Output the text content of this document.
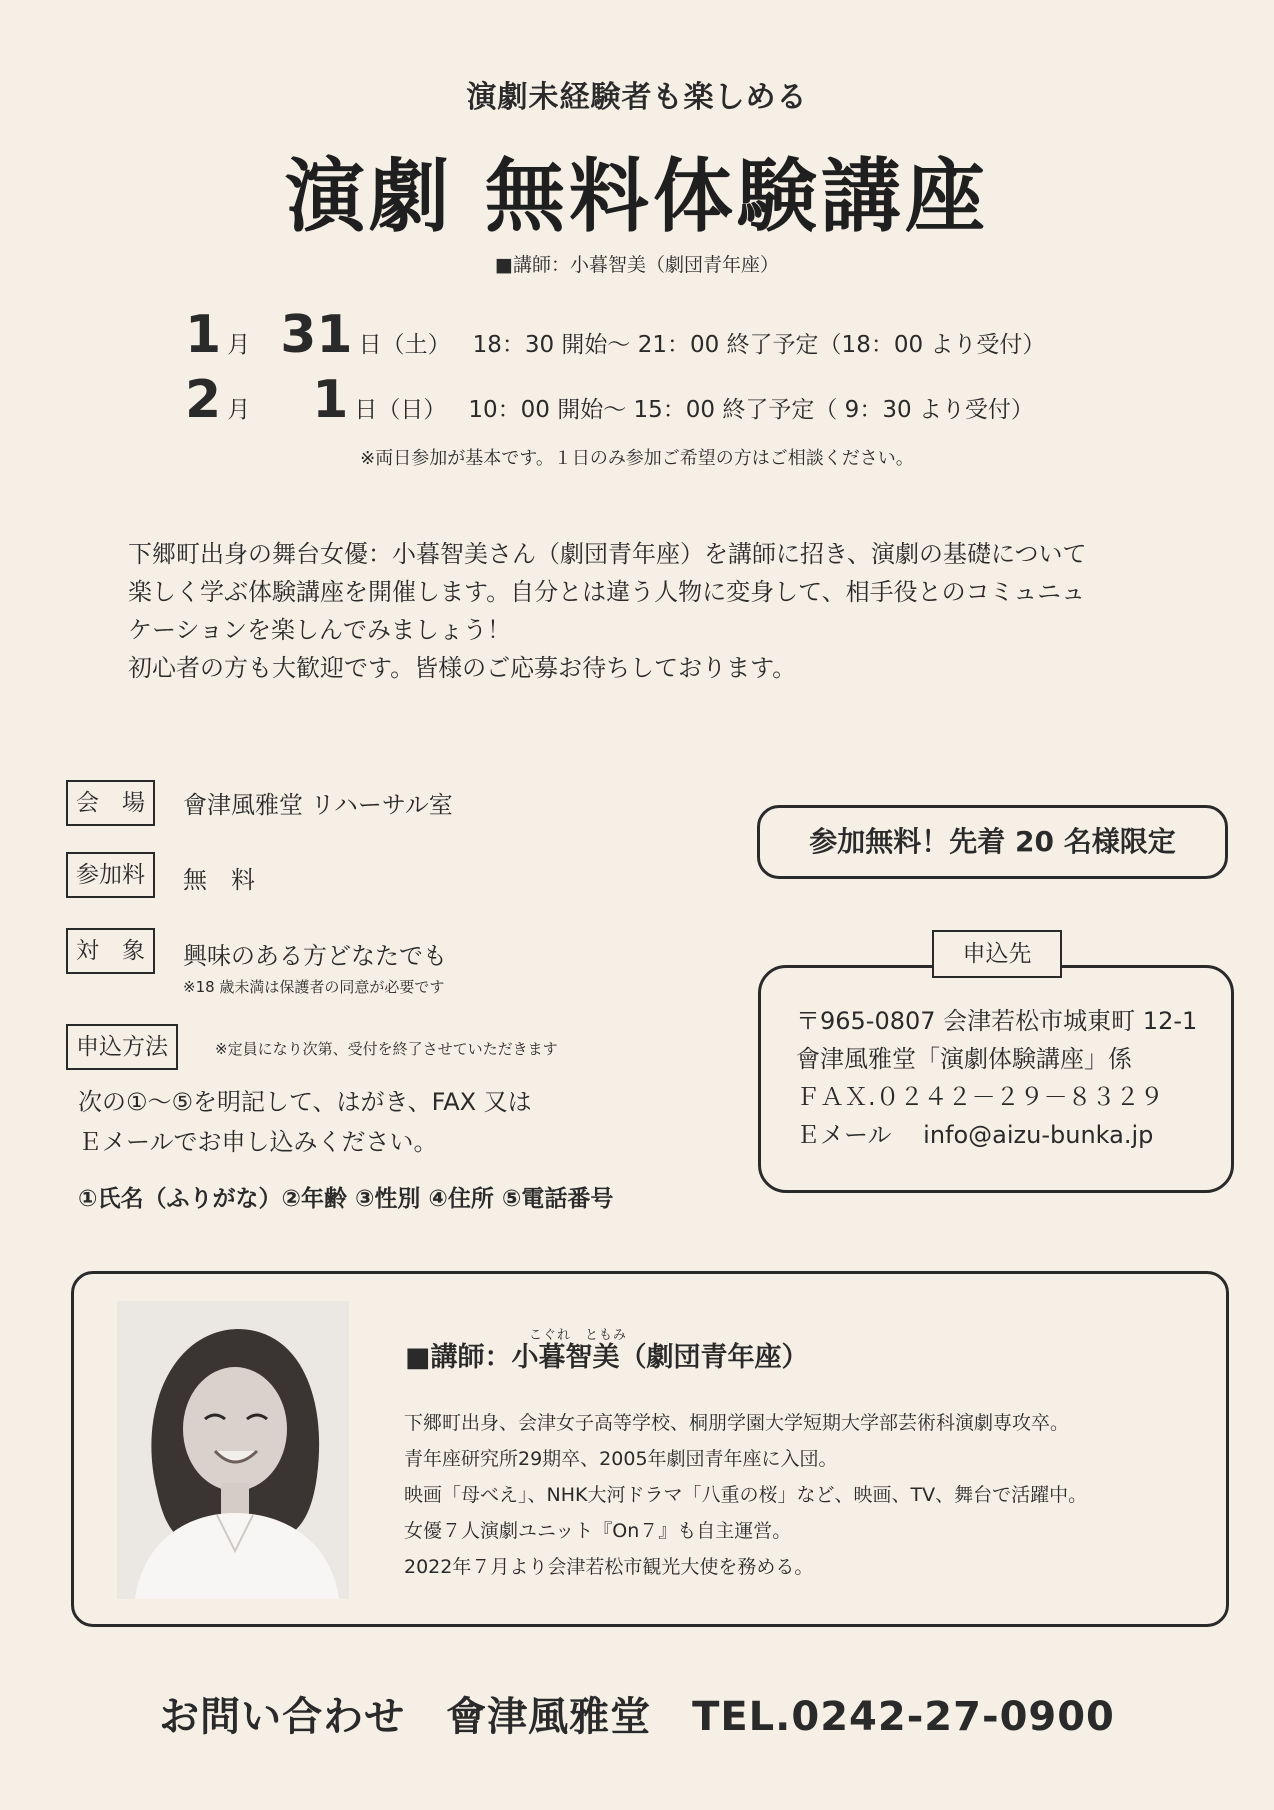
演劇未経験者も楽しめる
演劇 無料体験講座
■講師：小暮智美（劇団青年座）
1 月 31 日（土） 18：30 開始～ 21：00 終了予定（18：00 より受付）
2 月 1 日（日） 10：00 開始～ 15：00 終了予定（ 9：30 より受付）
※両日参加が基本です。１日のみ参加ご希望の方はご相談ください。

下郷町出身の舞台女優：小暮智美さん（劇団青年座）を講師に招き、演劇の基礎について

楽しく学ぶ体験講座を開催します。自分とは違う人物に変身して、相手役とのコミュニュ

ケーションを楽しんでみましょう！

初心者の方も大歓迎です。皆様のご応募お待ちしております。

会　場	會津風雅堂 リハーサル室
参加料	無　料
対　象	興味のある方どなたでも
※18 歳未満は保護者の同意が必要です
申込方法	※定員になり次第、受付を終了させていただきます
次の①～⑤を明記して、はがき、FAX 又は
Ｅメールでお申し込みください。
①氏名（ふりがな）②年齢 ③性別 ④住所 ⑤電話番号
参加無料！先着 20 名様限定
申込先
〒965-0807 会津若松市城東町 12-1
會津風雅堂「演劇体験講座」係
ＦＡＸ.０２４２－２９－８３２９
Ｅメール info@aizu-bunka.jp
こぐれ　ともみ
■講師：小暮智美（劇団青年座）
下郷町出身、会津女子高等学校、桐朋学園大学短期大学部芸術科演劇専攻卒。
青年座研究所29期卒、2005年劇団青年座に入団。
映画「母べえ」、NHK大河ドラマ「八重の桜」など、映画、TV、舞台で活躍中。
女優７人演劇ユニット『On７』も自主運営。
2022年７月より会津若松市観光大使を務める。
お問い合わせ　會津風雅堂　TEL.0242-27-0900
